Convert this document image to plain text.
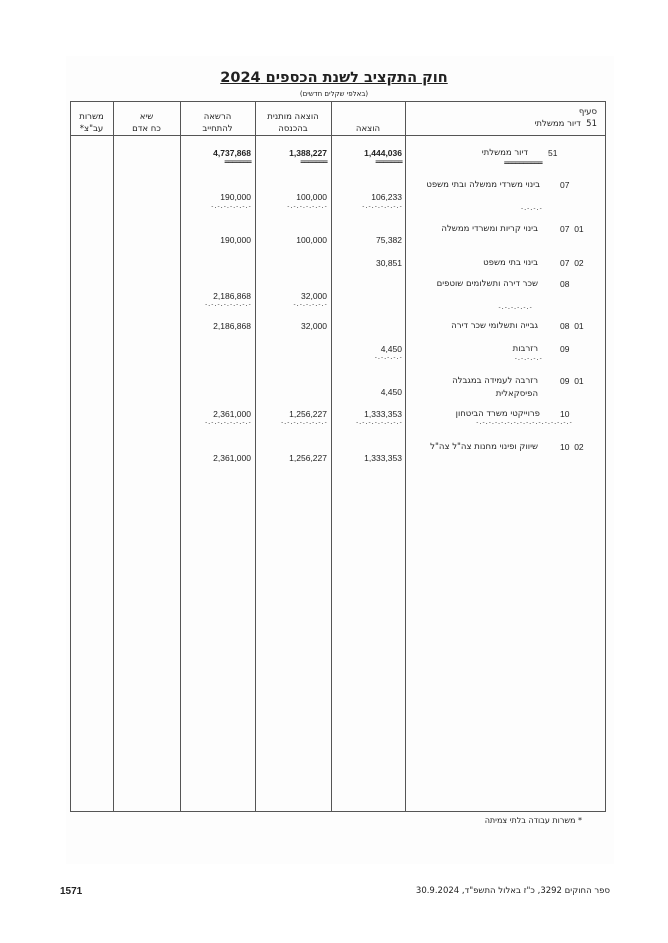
חוק התקציב לשנת הכספים 2024
(באלפי שקלים חדשים)
משרות
עב"צ*
שיא
כח אדם
הרשאה
להתחייב
הוצאה מותנית
בהכנסה	הוצאה
סעיף
51  דיור ממשלתי
51
דיור ממשלתי
==========
1,444,036
=======
1,388,227
=======
4,737,868
=======
07
בינוי משרדי ממשלה ובתי משפט
-.-.-.-
106,233
-.-.-.-.-.-.-
100,000
-.-.-.-.-.-.-
190,000
-.-.-.-.-.-.-
07 01
בינוי קריות ומשרדי ממשלה
75,382
100,000
190,000
07 02
בינוי בתי משפט
30,851
08
שכר דירה ותשלומים שוטפים
-.-.-.-.-.-
32,000
-.-.-.-.-.-
2,186,868
-.-.-.-.-.-.-.-
08 01
גבייה ותשלומי שכר דירה
32,000
2,186,868
09
רזרבות
-.-.-.-.-
4,450
-.-.-.-.-
09 01
רזרבה לעמידה במגבלה הפיסקאלית
4,450
10
פרוייקטי משרד הביטחון
-.-.-.-.-.-.-.-.-.-.-.-.-.-.-.-
1,333,353
-.-.-.-.-.-.-.-
1,256,227
-.-.-.-.-.-.-.-
2,361,000
-.-.-.-.-.-.-.-
10 02
שיווק ופינוי מחנות צה"ל צה"ל
1,333,353
1,256,227
2,361,000
* משרות עבודה בלתי צמיתה
1571	ספר החוקים 3292, כ"ז באלול התשפ"ד, 30.9.2024
